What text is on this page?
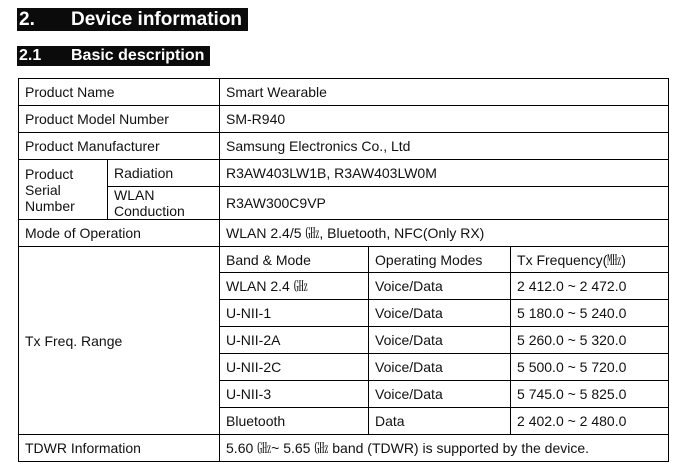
2. Device information
2.1 Basic description
Product Name		Smart Wearable		
Product Model Number		SM-R940		
Product Manufacturer		Samsung Electronics Co., Ltd		
Product Serial Number	Radiation	R3AW403LW1B, R3AW403LW0M		
	WLAN Conduction	R3AW300C9VP		
Mode of Operation		WLAN 2.4/5 ㎓, Bluetooth, NFC(Only RX)		
Tx Freq. Range		Band & Mode	Operating Modes	Tx Frequency(㎒)
		WLAN 2.4 ㎓	Voice/Data	2 412.0 ~ 2 472.0
		U-NII-1	Voice/Data	5 180.0 ~ 5 240.0
		U-NII-2A	Voice/Data	5 260.0 ~ 5 320.0
		U-NII-2C	Voice/Data	5 500.0 ~ 5 720.0
		U-NII-3	Voice/Data	5 745.0 ~ 5 825.0
		Bluetooth	Data	2 402.0 ~ 2 480.0
TDWR Information		5.60 ㎓~ 5.65 ㎓ band (TDWR) is supported by the device.		
